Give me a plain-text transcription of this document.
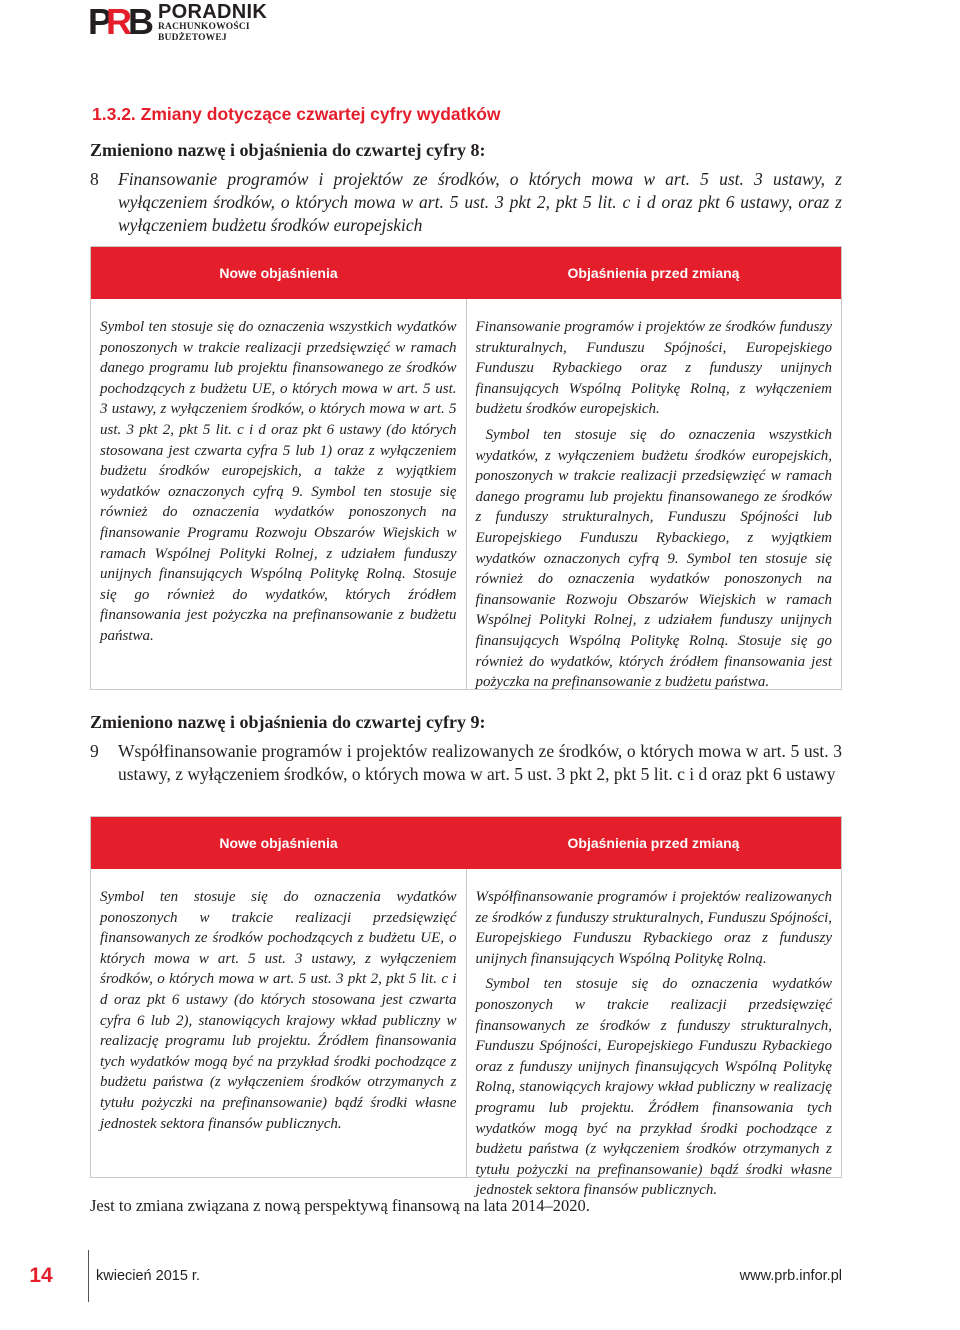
P
R B PORADNIK
RACHUNKOWOŚCI
BUDŻETOWEJ
1.3.2. Zmiany dotyczące czwartej cyfry wydatków
Zmieniono nazwę i objaśnienia do czwartej cyfry 8:
8 Finansowanie programów i projektów ze środków, o których mowa w art. 5 ust. 3 ustawy, z wyłączeniem środków, o których mowa w art. 5 ust. 3 pkt 2, pkt 5 lit. c i d oraz pkt 6 ustawy, oraz z wyłączeniem budżetu środków europejskich
Nowe objaśnienia	Objaśnienia przed zmianą

Symbol ten stosuje się do oznaczenia wszystkich wydatków ponoszonych w trakcie realizacji przedsięwzięć w ramach danego programu lub projektu finansowanego ze środków pochodzących z budżetu UE, o których mowa w art. 5 ust. 3 ustawy, z wyłączeniem środków, o których mowa w art. 5 ust. 3 pkt 2, pkt 5 lit. c i d oraz pkt 6 ustawy (do których stosowana jest czwarta cyfra 5 lub 1) oraz z wyłączeniem budżetu środków europejskich, a także z wyjątkiem wydatków oznaczonych cyfrą 9. Symbol ten stosuje się również do oznaczenia wydatków ponoszonych na finansowanie Programu Rozwoju Obszarów Wiejskich w ramach Wspólnej Polityki Rolnej, z udziałem funduszy unijnych finansujących Wspólną Politykę Rolną. Stosuje się go również do wydatków, których źródłem finansowania jest pożyczka na prefinansowanie z budżetu państwa.

Finansowanie programów i projektów ze środków funduszy strukturalnych, Funduszu Spójności, Europejskiego Funduszu Rybackiego oraz z funduszy unijnych finansujących Wspólną Politykę Rolną, z wyłączeniem budżetu środków europejskich.

Symbol ten stosuje się do oznaczenia wszystkich wydatków, z wyłączeniem budżetu środków europejskich, ponoszonych w trakcie realizacji przedsięwzięć w ramach danego programu lub projektu finansowanego ze środków z funduszy strukturalnych, Funduszu Spójności lub Europejskiego Funduszu Rybackiego, z wyjątkiem wydatków oznaczonych cyfrą 9. Symbol ten stosuje się również do oznaczenia wydatków ponoszonych na finansowanie Rozwoju Obszarów Wiejskich w ramach Wspólnej Polityki Rolnej, z udziałem funduszy unijnych finansujących Wspólną Politykę Rolną. Stosuje się go również do wydatków, których źródłem finansowania jest pożyczka na prefinansowanie z budżetu państwa.

Zmieniono nazwę i objaśnienia do czwartej cyfry 9:
9 Współfinansowanie programów i projektów realizowanych ze środków, o których mowa w art. 5 ust. 3 ustawy, z wyłączeniem środków, o których mowa w art. 5 ust. 3 pkt 2, pkt 5 lit. c i d oraz pkt 6 ustawy
Nowe objaśnienia	Objaśnienia przed zmianą

Symbol ten stosuje się do oznaczenia wydatków ponoszonych w trakcie realizacji przedsięwzięć finansowanych ze środków pochodzących z budżetu UE, o których mowa w art. 5 ust. 3 ustawy, z wyłączeniem środków, o których mowa w art. 5 ust. 3 pkt 2, pkt 5 lit. c i d oraz pkt 6 ustawy (do których stosowana jest czwarta cyfra 6 lub 2), stanowiących krajowy wkład publiczny w realizację programu lub projektu. Źródłem finansowania tych wydatków mogą być na przykład środki pochodzące z budżetu państwa (z wyłączeniem środków otrzymanych z tytułu pożyczki na prefinansowanie) bądź środki własne jednostek sektora finansów publicznych.

Współfinansowanie programów i projektów realizowanych ze środków z funduszy strukturalnych, Funduszu Spójności, Europejskiego Funduszu Rybackiego oraz z funduszy unijnych finansujących Wspólną Politykę Rolną.

Symbol ten stosuje się do oznaczenia wydatków ponoszonych w trakcie realizacji przedsięwzięć finansowanych ze środków z funduszy strukturalnych, Funduszu Spójności, Europejskiego Funduszu Rybackiego oraz z funduszy unijnych finansujących Wspólną Politykę Rolną, stanowiących krajowy wkład publiczny w realizację programu lub projektu. Źródłem finansowania tych wydatków mogą być na przykład środki pochodzące z budżetu państwa (z wyłączeniem środków otrzymanych z tytułu pożyczki na prefinansowanie) bądź środki własne jednostek sektora finansów publicznych.

Jest to zmiana związana z nową perspektywą finansową na lata 2014–2020.
14	kwiecień 2015 r.	www.prb.infor.pl
